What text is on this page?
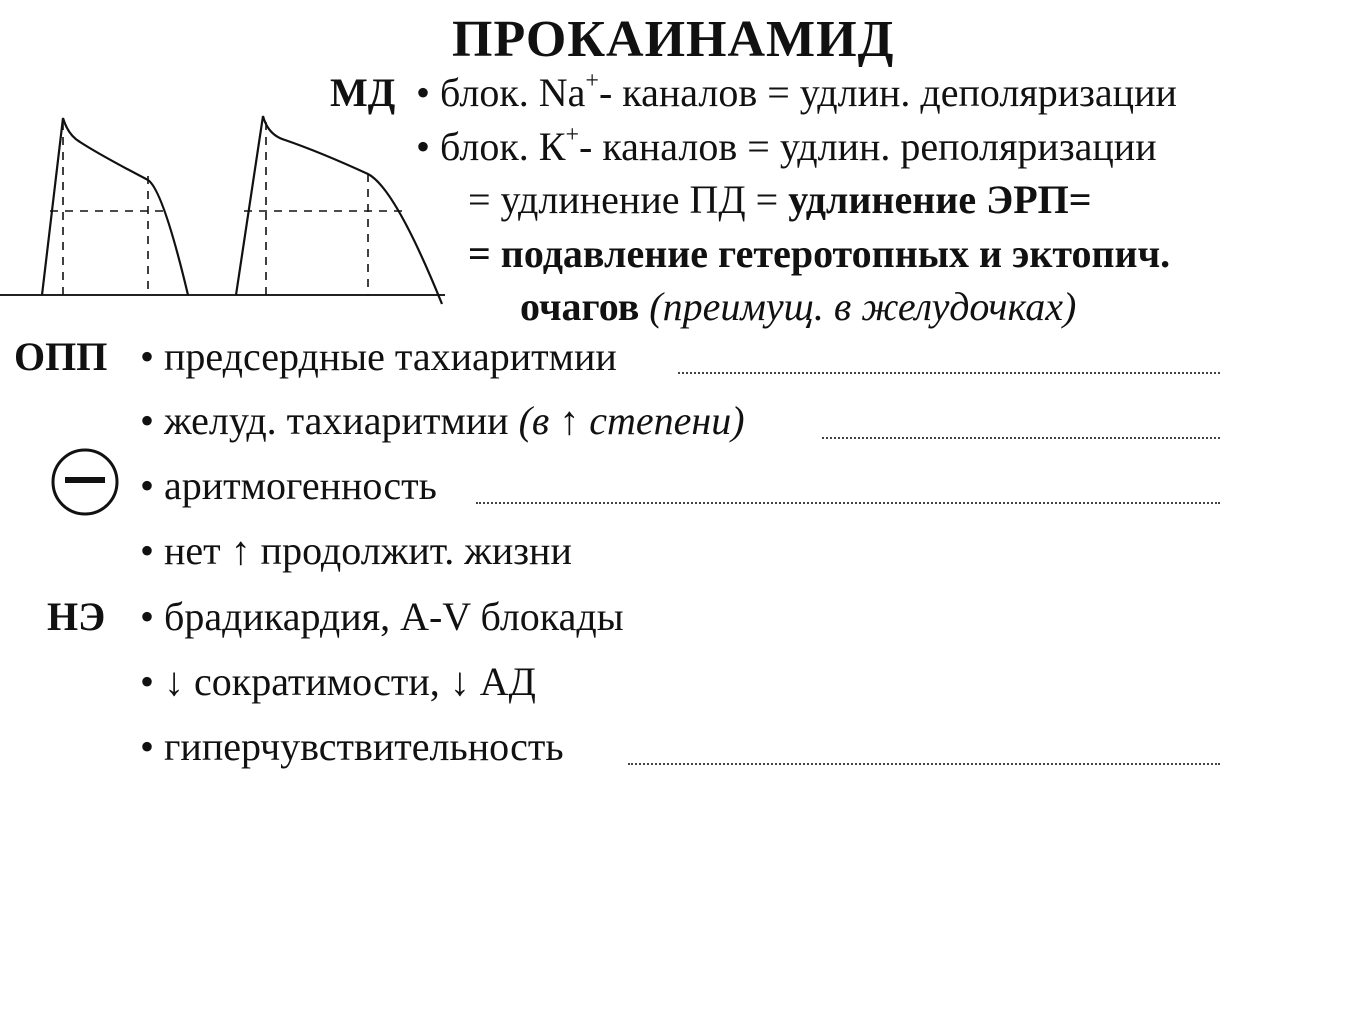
ПРОКАИНАМИД
МД • блок. Na+- каналов = удлин. деполяризации
• блок. К+- каналов = удлин. реполяризации
= удлинение ПД = удлинение ЭРП=
= подавление гетеротопных и эктопич.
очагов (преимущ. в желудочках)
ОПП • предсердные тахиаритмии
• желуд. тахиаритмии (в ↑ степени)
• аритмогенность
• нет ↑ продолжит. жизни
НЭ • брадикардия, A-V блокады
• ↓ сократимости, ↓ АД
• гиперчувствительность
